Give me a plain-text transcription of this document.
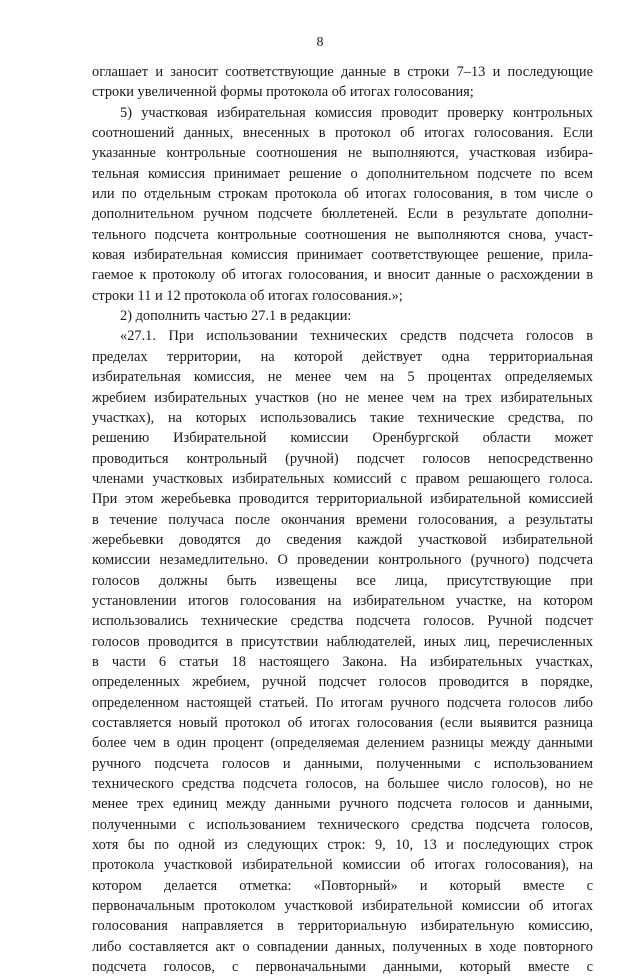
8
оглашает и заносит соответствующие данные в строки 7–13 и последующие
строки увеличенной формы протокола об итогах голосования;
5) участковая избирательная комиссия проводит проверку контрольных
соотношений данных, внесенных в протокол об итогах голосования. Если
указанные контрольные соотношения не выполняются, участковая избира-
тельная комиссия принимает решение о дополнительном подсчете по всем
или по отдельным строкам протокола об итогах голосования, в том числе о
дополнительном ручном подсчете бюллетеней. Если в результате дополни-
тельного подсчета контрольные соотношения не выполняются снова, участ-
ковая избирательная комиссия принимает соответствующее решение, прила-
гаемое к протоколу об итогах голосования, и вносит данные о расхождении в
строки 11 и 12 протокола об итогах голосования.»;
2) дополнить частью 27.1 в редакции:
«27.1. При использовании технических средств подсчета голосов в
пределах территории, на которой действует одна территориальная
избирательная комиссия, не менее чем на 5 процентах определяемых
жребием избирательных участков (но не менее чем на трех избирательных
участках), на которых использовались такие технические средства, по
решению Избирательной комиссии Оренбургской области может
проводиться контрольный (ручной) подсчет голосов непосредственно
членами участковых избирательных комиссий с правом решающего голоса.
При этом жеребьевка проводится территориальной избирательной комиссией
в течение получаса после окончания времени голосования, а результаты
жеребьевки доводятся до сведения каждой участковой избирательной
комиссии незамедлительно. О проведении контрольного (ручного) подсчета
голосов должны быть извещены все лица, присутствующие при
установлении итогов голосования на избирательном участке, на котором
использовались технические средства подсчета голосов. Ручной подсчет
голосов проводится в присутствии наблюдателей, иных лиц, перечисленных
в части 6 статьи 18 настоящего Закона. На избирательных участках,
определенных жребием, ручной подсчет голосов проводится в порядке,
определенном настоящей статьей. По итогам ручного подсчета голосов либо
составляется новый протокол об итогах голосования (если выявится разница
более чем в один процент (определяемая делением разницы между данными
ручного подсчета голосов и данными, полученными с использованием
технического средства подсчета голосов, на большее число голосов), но не
менее трех единиц между данными ручного подсчета голосов и данными,
полученными с использованием технического средства подсчета голосов,
хотя бы по одной из следующих строк: 9, 10, 13 и последующих строк
протокола участковой избирательной комиссии об итогах голосования), на
котором делается отметка: «Повторный» и который вместе с
первоначальным протоколом участковой избирательной комиссии об итогах
голосования направляется в территориальную избирательную комиссию,
либо составляется акт о совпадении данных, полученных в ходе повторного
подсчета голосов, с первоначальными данными, который вместе с
